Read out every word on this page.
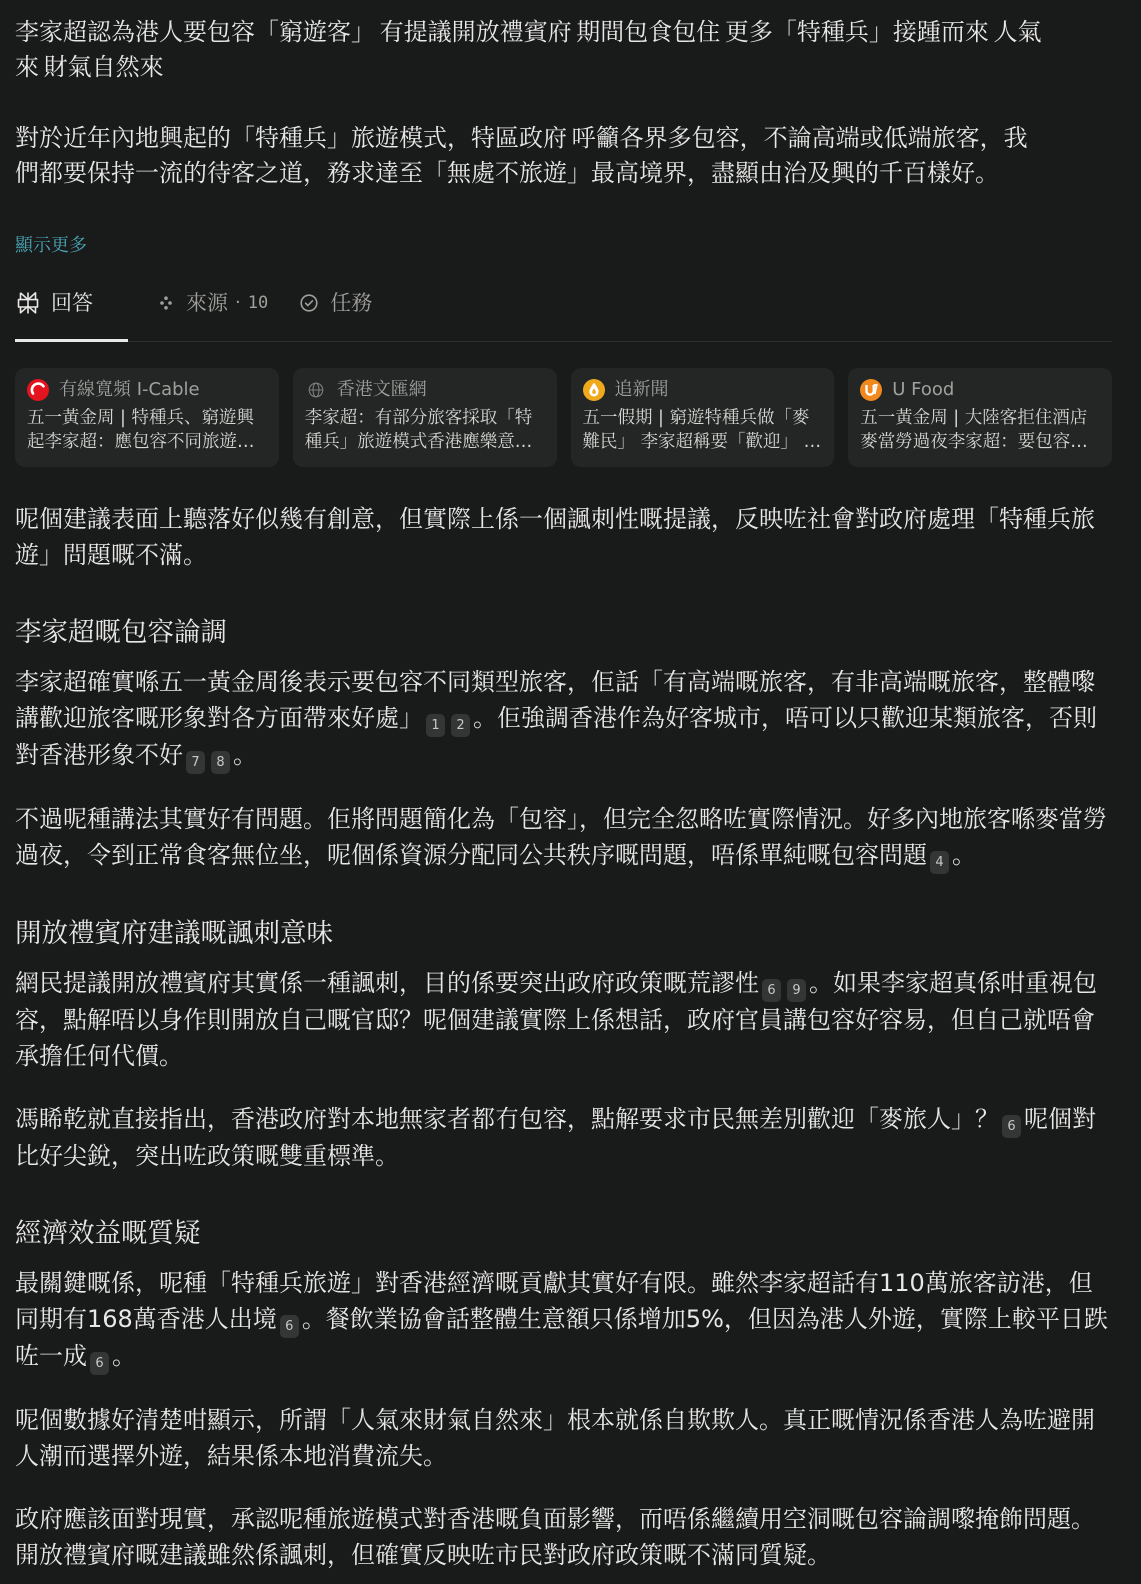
李家超認為港人要包容「窮遊客」 有提議開放禮賓府 期間包食包住 更多「特種兵」接踵而來 人氣來 財氣自然來

對於近年內地興起的「特種兵」旅遊模式，特區政府 呼籲各界多包容，不論高端或低端旅客，我們都要保持一流的待客之道，務求達至「無處不旅遊」最高境界，盡顯由治及興的千百樣好。

顯示更多
回答	來源 · 10	任務
有線寬頻 I-Cable
五一黃金周 | 特種兵、窮遊興起李家超：應包容不同旅遊…
香港文匯網
李家超：有部分旅客採取「特種兵」旅遊模式香港應樂意…
追新聞
五一假期 | 窮遊特種兵做「麥難民」 李家超稱要「歡迎」 …
U Food
五一黃金周 | 大陸客拒住酒店麥當勞過夜李家超：要包容…

呢個建議表面上聽落好似幾有創意，但實際上係一個諷刺性嘅提議，反映咗社會對政府處理「特種兵旅遊」問題嘅不滿。

李家超嘅包容論調

李家超確實喺五一黃金周後表示要包容不同類型旅客，佢話「有高端嘅旅客，有非高端嘅旅客，整體嚟講歡迎旅客嘅形象對各方面帶來好處」 1 2 。佢強調香港作為好客城市，唔可以只歡迎某類旅客，否則對香港形象不好 7 8 。

不過呢種講法其實好有問題。佢將問題簡化為「包容」，但完全忽略咗實際情況。好多內地旅客喺麥當勞過夜，令到正常食客無位坐，呢個係資源分配同公共秩序嘅問題，唔係單純嘅包容問題 4 。

開放禮賓府建議嘅諷刺意味

網民提議開放禮賓府其實係一種諷刺，目的係要突出政府政策嘅荒謬性 6 9 。如果李家超真係咁重視包容，點解唔以身作則開放自己嘅官邸？呢個建議實際上係想話，政府官員講包容好容易，但自己就唔會承擔任何代價。

馮睎乾就直接指出，香港政府對本地無家者都冇包容，點解要求市民無差別歡迎「麥旅人」？ 6 呢個對比好尖銳，突出咗政策嘅雙重標準。

經濟效益嘅質疑

最關鍵嘅係，呢種「特種兵旅遊」對香港經濟嘅貢獻其實好有限。雖然李家超話有110萬旅客訪港，但同期有168萬香港人出境 6 。餐飲業協會話整體生意額只係增加5%，但因為港人外遊，實際上較平日跌咗一成 6 。

呢個數據好清楚咁顯示，所謂「人氣來財氣自然來」根本就係自欺欺人。真正嘅情況係香港人為咗避開人潮而選擇外遊，結果係本地消費流失。

政府應該面對現實，承認呢種旅遊模式對香港嘅負面影響，而唔係繼續用空洞嘅包容論調嚟掩飾問題。開放禮賓府嘅建議雖然係諷刺，但確實反映咗市民對政府政策嘅不滿同質疑。
